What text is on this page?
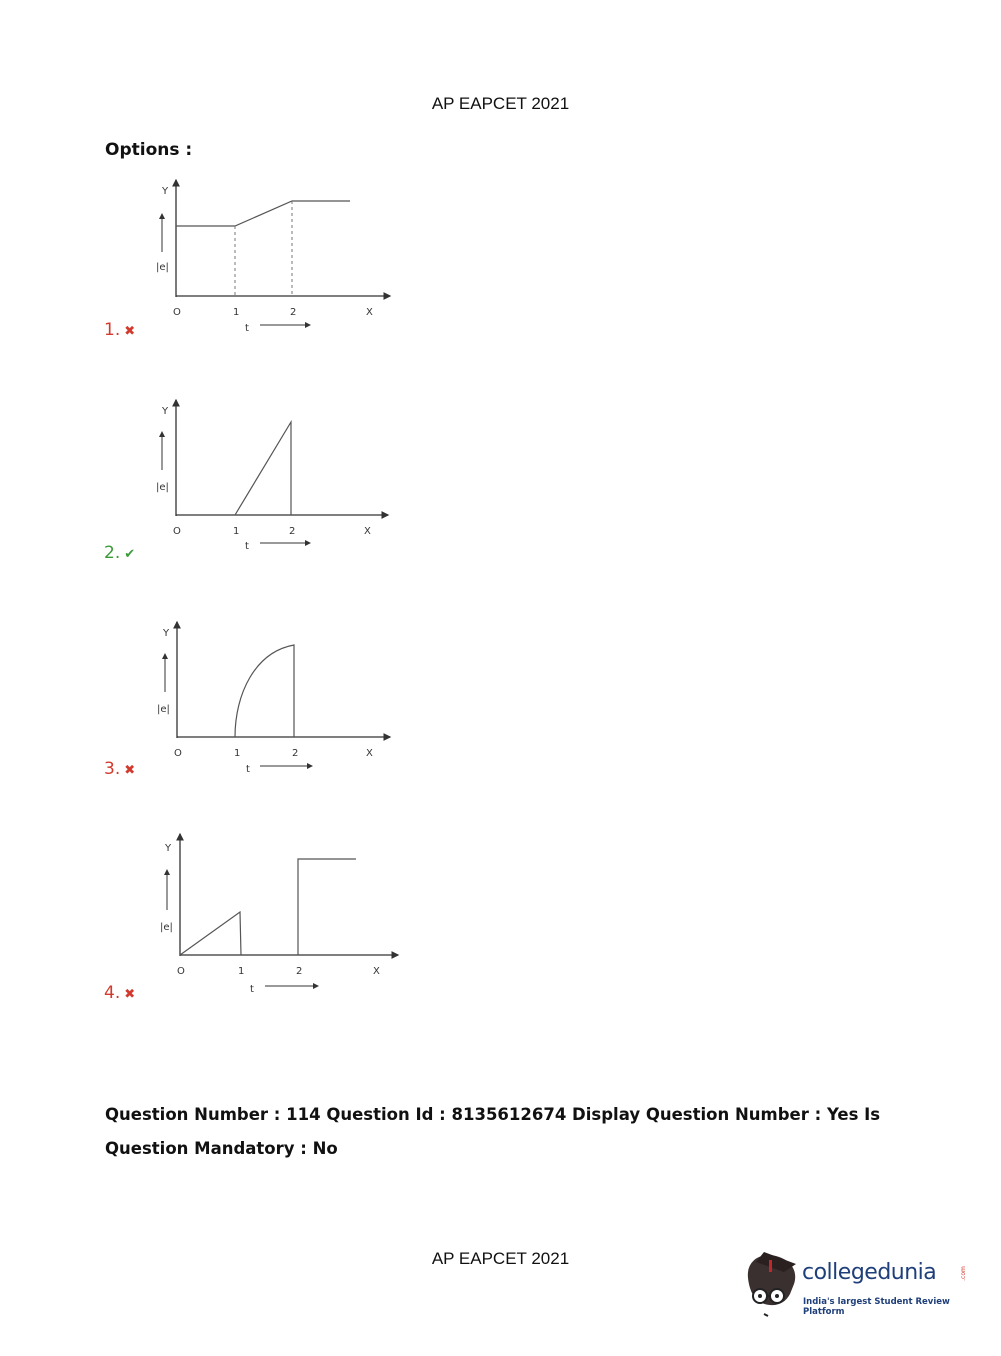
AP EAPCET 2021
Options :
Y
|e|
O	1	2	X
t
1. ✖
Y
|e|
O	1	2	X
t
2. ✔
Y
|e|
O	1	2	X
t
3. ✖
Y
|e|
O	1	2	X
t
4. ✖
Question Number : 114 Question Id : 8135612674 Display Question Number : Yes Is Question Mandatory : No
AP EAPCET 2021
collegedunia	.com
India's largest Student Review Platform
